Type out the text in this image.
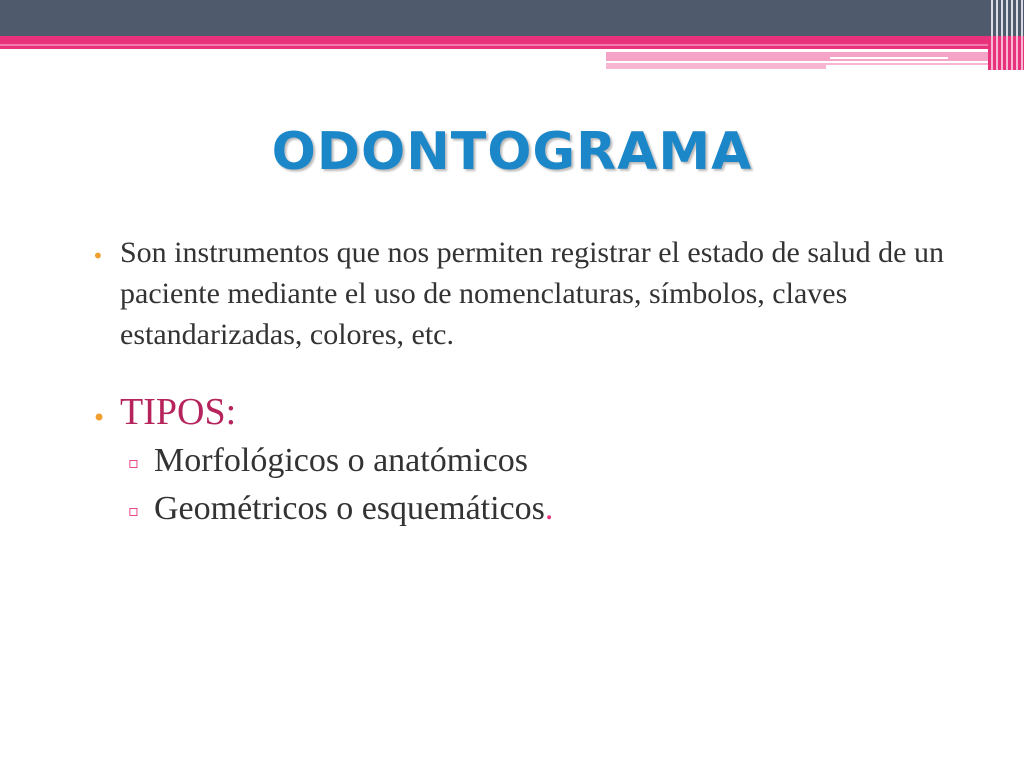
ODONTOGRAMA
• Son instrumentos que nos permiten registrar el estado de salud de un paciente mediante el uso de nomenclaturas, símbolos, claves estandarizadas, colores, etc.
• TIPOS:
▫ Morfológicos o anatómicos
▫ Geométricos o esquemáticos.
